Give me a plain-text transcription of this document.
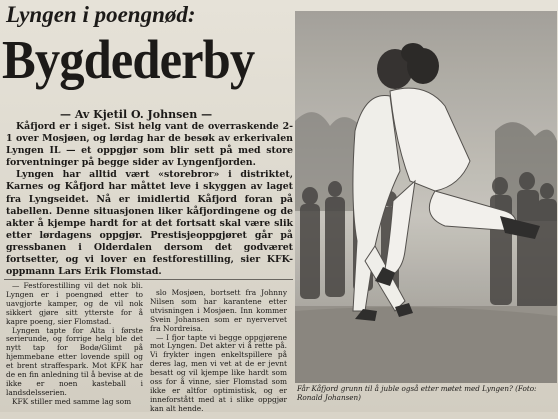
Lyngen i poengnød:
Bygdederby
— Av Kjetil O. Johnsen —

Kåfjord er i siget. Sist helg vant de overraskende 2-1 over Mosjøen, og lørdag har de besøk av erkerivalen Lyngen IL — et oppgjør som blir sett på med store forventninger på begge sider av Lyngenfjorden.

Lyngen har alltid vært «storebror» i distriktet, Karnes og Kåfjord har måttet leve i skyggen av laget fra Lyngseidet. Nå er imidlertid Kåfjord foran på tabellen. Denne situasjonen liker kåfjordingene og de akter å kjempe hardt for at det fortsatt skal være slik etter lørdagens oppgjør. Prestisjeoppgjøret går på gressbanen i Olderdalen dersom det godværet fortsetter, og vi lover en festforestilling, sier KFK-oppmann Lars Erik Flomstad.

— Festforestilling vil det nok bli. Lyngen er i poengnød etter to uavgjorte kamper, og de vil nok sikkert gjøre sitt ytterste for å kapre poeng, sier Flomstad.

Lyngen tapte for Alta i første serierunde, og forrige helg ble det nytt tap for Bodø/Glimt på hjemmebane etter lovende spill og et brent straffespark. Mot KFK har de en fin anledning til å bevise at de ikke er noen kasteball i landsdelsserien.

KFK stiller med samme lag som

slo Mosjøen, bortsett fra Johnny Nilsen som har karantene etter utvisningen i Mosjøen. Inn kommer Svein Johansen som er nyervervet fra Nordreisa.

— I fjor tapte vi begge oppgjørene mot Lyngen. Det akter vi å rette på. Vi frykter ingen enkeltspillere på deres lag, men vi vet at de er jevnt besatt og vil kjempe like hardt som oss for å vinne, sier Flomstad som ikke er altfor optimistisk, og er inneforstått med at i slike oppgjør kan alt hende.

Får Kåfjord grunn til å juble også etter møtet med Lyngen? (Foto: Ronald Johansen)
